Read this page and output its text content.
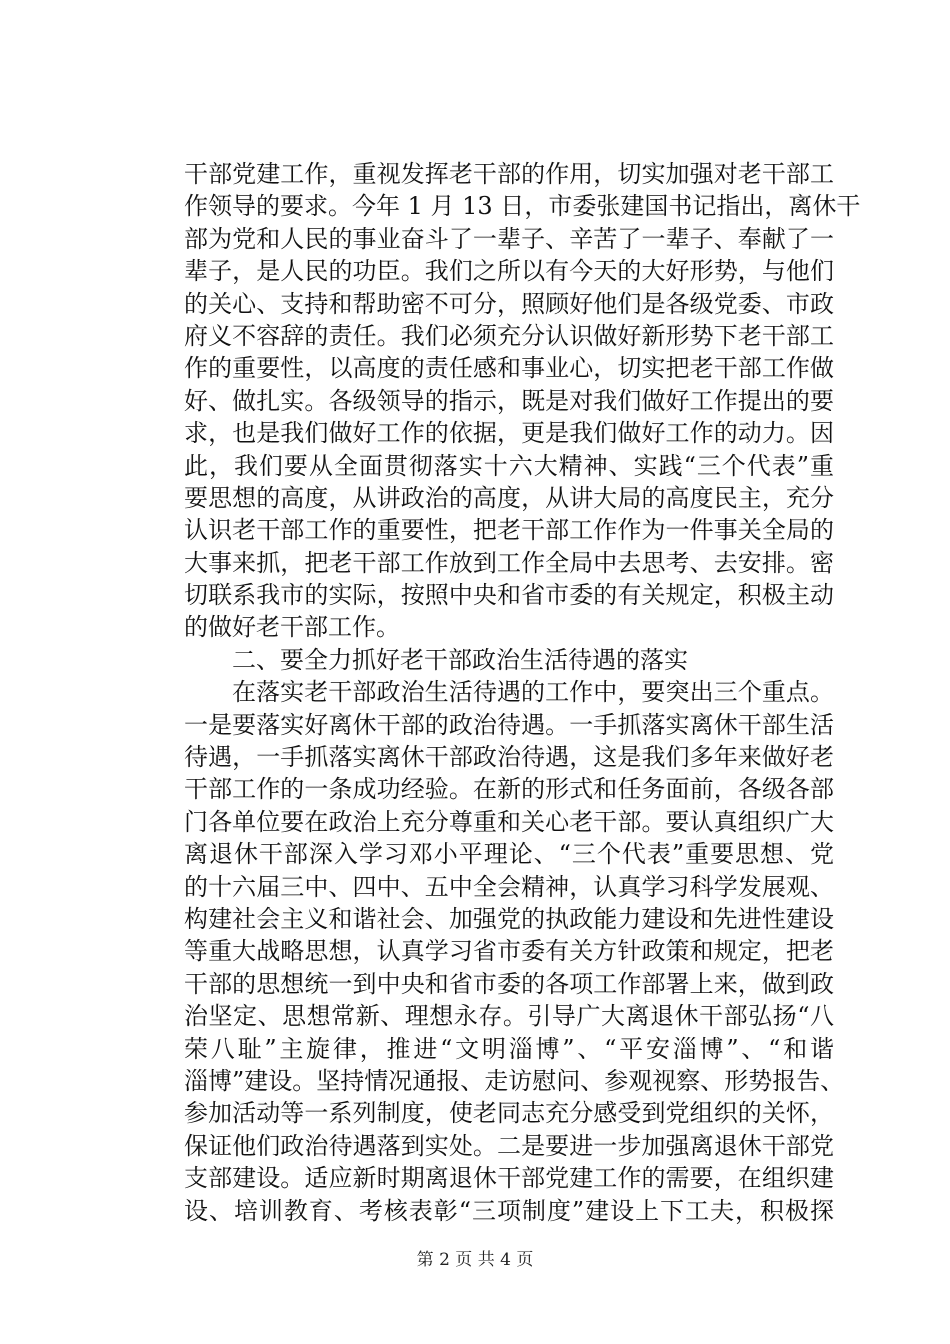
干部党建工作，重视发挥老干部的作用，切实加强对老干部工
作领导的要求。今年 1 月 13 日，市委张建国书记指出，离休干
部为党和人民的事业奋斗了一辈子、辛苦了一辈子、奉献了一
辈子，是人民的功臣。我们之所以有今天的大好形势，与他们
的关心、支持和帮助密不可分，照顾好他们是各级党委、市政
府义不容辞的责任。我们必须充分认识做好新形势下老干部工
作的重要性，以高度的责任感和事业心，切实把老干部工作做
好、做扎实。各级领导的指示，既是对我们做好工作提出的要
求，也是我们做好工作的依据，更是我们做好工作的动力。因
此，我们要从全面贯彻落实十六大精神、实践“三个代表”重
要思想的高度，从讲政治的高度，从讲大局的高度民主，充分
认识老干部工作的重要性，把老干部工作作为一件事关全局的
大事来抓，把老干部工作放到工作全局中去思考、去安排。密
切联系我市的实际，按照中央和省市委的有关规定，积极主动
的做好老干部工作。
二、要全力抓好老干部政治生活待遇的落实
在落实老干部政治生活待遇的工作中，要突出三个重点。
一是要落实好离休干部的政治待遇。一手抓落实离休干部生活
待遇，一手抓落实离休干部政治待遇，这是我们多年来做好老
干部工作的一条成功经验。在新的形式和任务面前，各级各部
门各单位要在政治上充分尊重和关心老干部。要认真组织广大
离退休干部深入学习邓小平理论、“三个代表”重要思想、党
的十六届三中、四中、五中全会精神，认真学习科学发展观、
构建社会主义和谐社会、加强党的执政能力建设和先进性建设
等重大战略思想，认真学习省市委有关方针政策和规定，把老
干部的思想统一到中央和省市委的各项工作部署上来，做到政
治坚定、思想常新、理想永存。引导广大离退休干部弘扬“八
荣八耻”主旋律，推进“文明淄博”、“平安淄博”、“和谐
淄博”建设。坚持情况通报、走访慰问、参观视察、形势报告、
参加活动等一系列制度，使老同志充分感受到党组织的关怀，
保证他们政治待遇落到实处。二是要进一步加强离退休干部党
支部建设。适应新时期离退休干部党建工作的需要，在组织建
设、培训教育、考核表彰“三项制度”建设上下工夫，积极探
第 2 页 共 4 页
